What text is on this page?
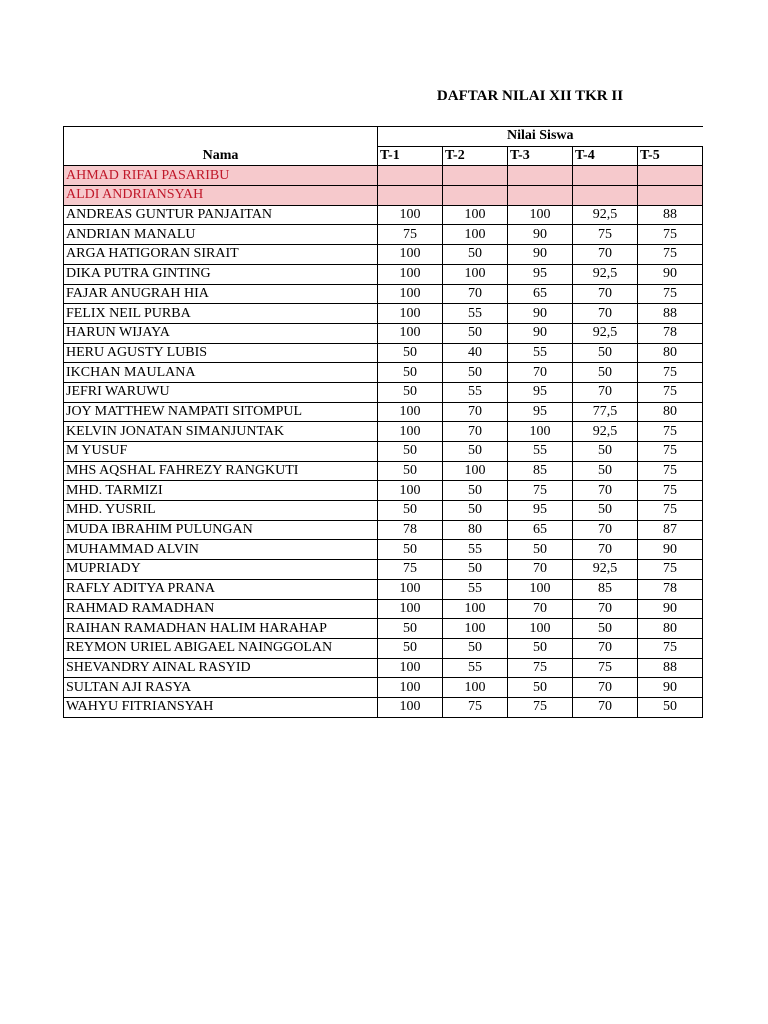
DAFTAR NILAI XII TKR II
Nama	Nilai Siswa				
	T-1	T-2	T-3	T-4	T-5
AHMAD RIFAI PASARIBU					
ALDI ANDRIANSYAH					
ANDREAS GUNTUR PANJAITAN	100	100	100	92,5	88
ANDRIAN MANALU	75	100	90	75	75
ARGA HATIGORAN SIRAIT	100	50	90	70	75
DIKA PUTRA GINTING	100	100	95	92,5	90
FAJAR ANUGRAH HIA	100	70	65	70	75
FELIX NEIL PURBA	100	55	90	70	88
HARUN WIJAYA	100	50	90	92,5	78
HERU AGUSTY LUBIS	50	40	55	50	80
IKCHAN MAULANA	50	50	70	50	75
JEFRI WARUWU	50	55	95	70	75
JOY MATTHEW NAMPATI SITOMPUL	100	70	95	77,5	80
KELVIN JONATAN SIMANJUNTAK	100	70	100	92,5	75
M YUSUF	50	50	55	50	75
MHS AQSHAL FAHREZY RANGKUTI	50	100	85	50	75
MHD. TARMIZI	100	50	75	70	75
MHD. YUSRIL	50	50	95	50	75
MUDA IBRAHIM PULUNGAN	78	80	65	70	87
MUHAMMAD ALVIN	50	55	50	70	90
MUPRIADY	75	50	70	92,5	75
RAFLY ADITYA PRANA	100	55	100	85	78
RAHMAD RAMADHAN	100	100	70	70	90
RAIHAN RAMADHAN HALIM HARAHAP	50	100	100	50	80
REYMON URIEL ABIGAEL NAINGGOLAN	50	50	50	70	75
SHEVANDRY AINAL RASYID	100	55	75	75	88
SULTAN AJI RASYA	100	100	50	70	90
WAHYU FITRIANSYAH	100	75	75	70	50
